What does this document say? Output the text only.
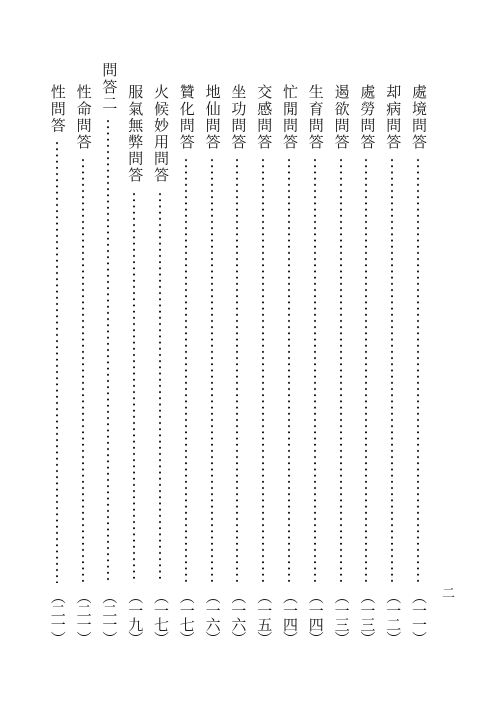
二
處境問答
（一一）
却病問答
（一二）
處勞問答
（一三）
遏欲問答
（一三）
生育問答
（一四）
忙閒問答
（一四）
交感問答
（一五）
坐功問答
（一六）
地仙問答
（一六）
贊化問答
（一七）
火候妙用問答
（一七）
服氣無弊問答
（一九）
問答二
（二一）
性命問答
（二一）
性問答
（二一）
